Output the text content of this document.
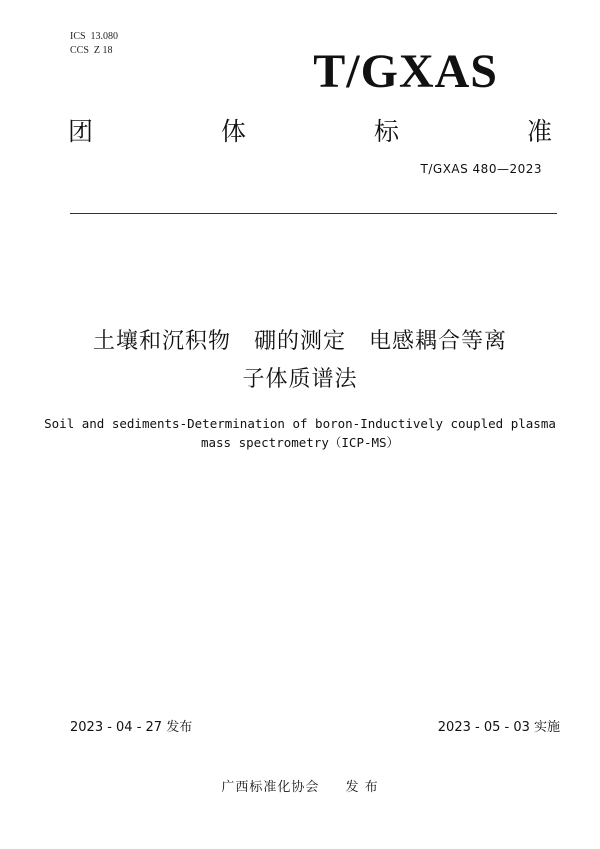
ICS  13.080
CCS  Z 18	T/GXAS
团	体	标	准
T/GXAS 480—2023
土壤和沉积物　硼的测定　电感耦合等离
子体质谱法
Soil and sediments-Determination of boron-Inductively coupled plasma
mass spectrometry（ICP-MS）
2023 - 04 - 27 发布	2023 - 05 - 03 实施
广西标准化协会 发 布
